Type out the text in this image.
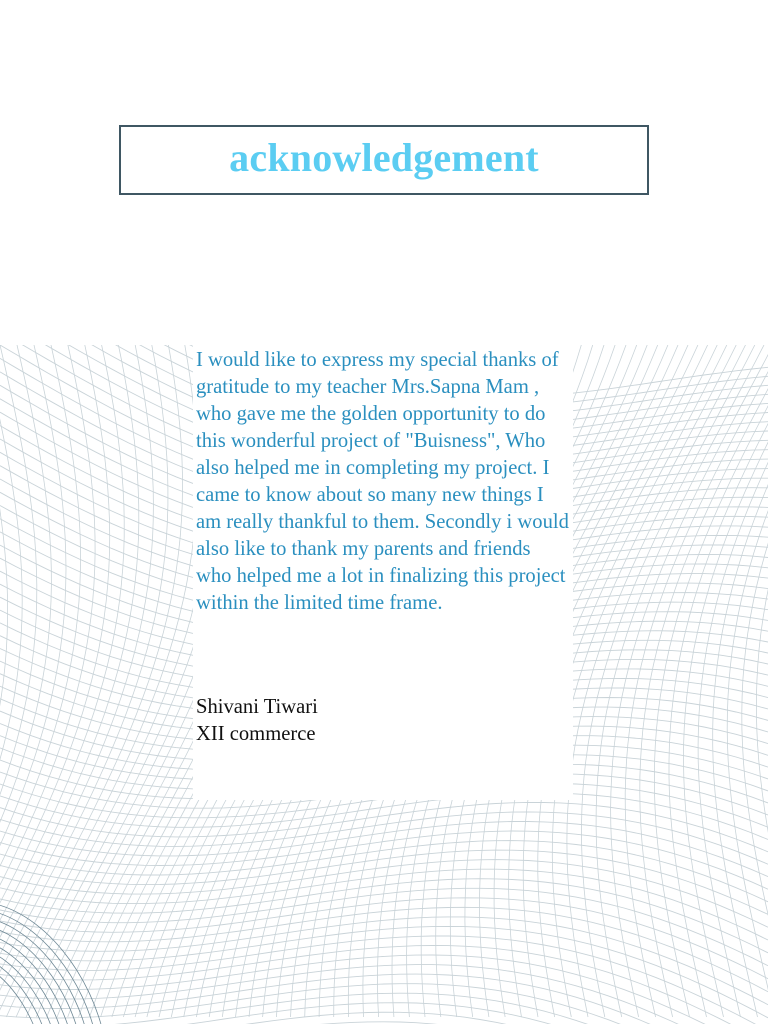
acknowledgement

I would like to express my special thanks of gratitude to my teacher Mrs.Sapna Mam , who gave me the golden opportunity to do this wonderful project of "Buisness", Who also helped me in completing my project. I came to know about so many new things I am really thankful to them. Secondly i would also like to thank my parents and friends who helped me a lot in finalizing this project within the limited time frame.

Shivani Tiwari
XII commerce
